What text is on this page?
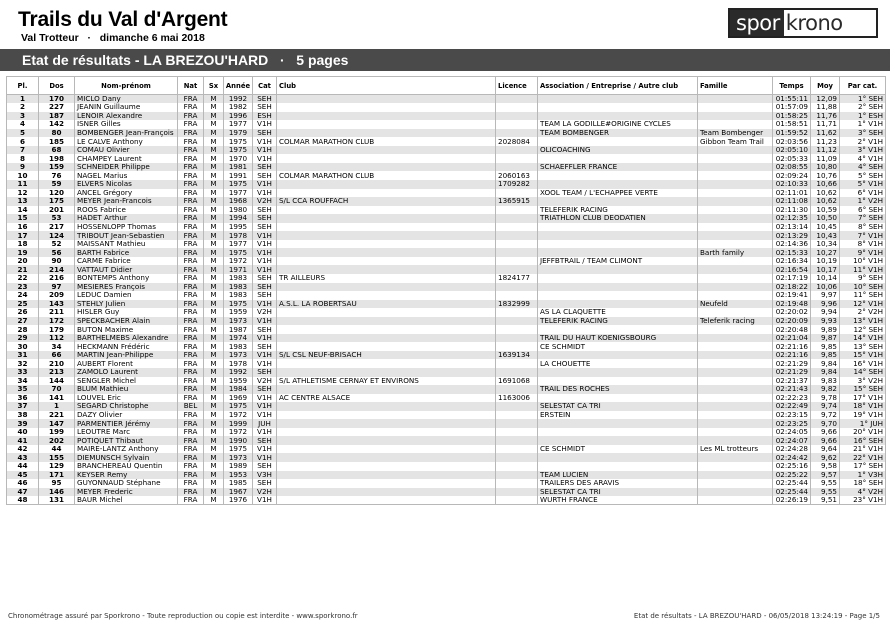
Trails du Val d'Argent
Val Trotteur   ·   dimanche 6 mai 2018
spor krono
Etat de résultats - LA BREZOU'HARD   ·   5 pages
Pl.	Dos	Nom-prénom	Nat	Sx	Année	Cat	Club	Licence	Association / Entreprise / Autre club	Famille	Temps	Moy	Par cat.
1	170	MICLO Dany	FRA	M	1992	SEH					01:55:11	12,09	1° SEH
2	227	JEANIN Guillaume	FRA	M	1982	SEH					01:57:09	11,88	2° SEH
3	187	LENOIR Alexandre	FRA	M	1996	ESH					01:58:25	11,76	1° ESH
4	142	ISNER Gilles	FRA	M	1977	V1H			TEAM LA GODILLE#ORIGINE CYCLES		01:58:51	11,71	1° V1H
5	80	BOMBENGER Jean-François	FRA	M	1979	SEH			TEAM BOMBENGER	Team Bombenger	01:59:52	11,62	3° SEH
6	185	LE CALVE Anthony	FRA	M	1975	V1H	COLMAR MARATHON CLUB	2028084		Gibbon Team Trail	02:03:56	11,23	2° V1H
7	68	COMAU Olivier	FRA	M	1975	V1H			OLICOACHING		02:05:10	11,12	3° V1H
8	198	CHAMPEY Laurent	FRA	M	1970	V1H					02:05:33	11,09	4° V1H
9	159	SCHNEIDER Philippe	FRA	M	1981	SEH			SCHAEFFLER FRANCE		02:08:55	10,80	4° SEH
10	76	NAGEL Marius	FRA	M	1991	SEH	COLMAR MARATHON CLUB	2060163			02:09:24	10,76	5° SEH
11	59	ELVERS Nicolas	FRA	M	1975	V1H		1709282			02:10:33	10,66	5° V1H
12	120	ANCEL Grégory	FRA	M	1977	V1H			XOOL TEAM / L'ECHAPPEE VERTE		02:11:01	10,62	6° V1H
13	175	MEYER Jean-Francois	FRA	M	1968	V2H	S/L CCA ROUFFACH	1365915			02:11:08	10,62	1° V2H
14	201	ROOS Fabrice	FRA	M	1980	SEH			TELEFERIK RACING		02:11:30	10,59	6° SEH
15	53	HADET Arthur	FRA	M	1994	SEH			TRIATHLON CLUB DEODATIEN		02:12:35	10,50	7° SEH
16	217	HOSSENLOPP Thomas	FRA	M	1995	SEH					02:13:14	10,45	8° SEH
17	124	TRIBOUT Jean-Sebastien	FRA	M	1978	V1H					02:13:29	10,43	7° V1H
18	52	MAISSANT Mathieu	FRA	M	1977	V1H					02:14:36	10,34	8° V1H
19	56	BARTH Fabrice	FRA	M	1975	V1H				Barth family	02:15:33	10,27	9° V1H
20	90	CARME Fabrice	FRA	M	1972	V1H			JEFFBTRAIL / TEAM CLIMONT		02:16:34	10,19	10° V1H
21	214	VATTAUT Didier	FRA	M	1971	V1H					02:16:54	10,17	11° V1H
22	216	BONTEMPS Anthony	FRA	M	1983	SEH	TR AILLEURS	1824177			02:17:19	10,14	9° SEH
23	97	MESIERES François	FRA	M	1983	SEH					02:18:22	10,06	10° SEH
24	209	LEDUC Damien	FRA	M	1983	SEH					02:19:41	9,97	11° SEH
25	143	STEHLY Julien	FRA	M	1975	V1H	A.S.L. LA ROBERTSAU	1832999		Neufeld	02:19:48	9,96	12° V1H
26	211	HISLER Guy	FRA	M	1959	V2H			AS LA CLAQUETTE		02:20:02	9,94	2° V2H
27	172	SPECKBACHER Alain	FRA	M	1973	V1H			TELEFERIK RACING	Teleferik racing	02:20:09	9,93	13° V1H
28	179	BUTON Maxime	FRA	M	1987	SEH					02:20:48	9,89	12° SEH
29	112	BARTHELMEBS Alexandre	FRA	M	1974	V1H			TRAIL DU HAUT KOENIGSBOURG		02:21:04	9,87	14° V1H
30	34	HECKMANN Frédéric	FRA	M	1983	SEH			CE SCHMIDT		02:21:16	9,85	13° SEH
31	66	MARTIN Jean-Philippe	FRA	M	1973	V1H	S/L CSL NEUF-BRISACH	1639134			02:21:16	9,85	15° V1H
32	210	AUBERT Florent	FRA	M	1978	V1H			LA CHOUETTE		02:21:29	9,84	16° V1H
33	213	ZAMOLO Laurent	FRA	M	1992	SEH					02:21:29	9,84	14° SEH
34	144	SENGLER Michel	FRA	M	1959	V2H	S/L ATHLETISME CERNAY ET ENVIRONS	1691068			02:21:37	9,83	3° V2H
35	70	BLUM Mathieu	FRA	M	1984	SEH			TRAIL DES ROCHES		02:21:43	9,82	15° SEH
36	141	LOUVEL Eric	FRA	M	1969	V1H	AC CENTRE ALSACE	1163006			02:22:23	9,78	17° V1H
37	1	SEGARD Christophe	BEL	M	1975	V1H			SELESTAT CA TRI		02:22:49	9,74	18° V1H
38	221	DAZY Olivier	FRA	M	1972	V1H			ERSTEIN		02:23:15	9,72	19° V1H
39	147	PARMENTIER Jérémy	FRA	M	1999	JUH					02:23:25	9,70	1° JUH
40	199	LEOUTRE Marc	FRA	M	1972	V1H					02:24:05	9,66	20° V1H
41	202	POTIQUET Thibaut	FRA	M	1990	SEH					02:24:07	9,66	16° SEH
42	44	MAIRE-LANTZ Anthony	FRA	M	1975	V1H			CE SCHMIDT	Les ML trotteurs	02:24:28	9,64	21° V1H
43	155	DIEMUNSCH Sylvain	FRA	M	1973	V1H					02:24:42	9,62	22° V1H
44	129	BRANCHEREAU Quentin	FRA	M	1989	SEH					02:25:16	9,58	17° SEH
45	171	KEYSER Remy	FRA	M	1953	V3H			TEAM LUCIEN		02:25:22	9,57	1° V3H
46	95	GUYONNAUD Stéphane	FRA	M	1985	SEH			TRAILERS DES ARAVIS		02:25:44	9,55	18° SEH
47	146	MEYER Frederic	FRA	M	1967	V2H			SELESTAT CA TRI		02:25:44	9,55	4° V2H
48	131	BAUR Michel	FRA	M	1976	V1H			WURTH FRANCE		02:26:19	9,51	23° V1H
Chronométrage assuré par Sporkrono - Toute reproduction ou copie est interdite - www.sporkrono.fr	Etat de résultats - LA BREZOU'HARD - 06/05/2018 13:24:19 - Page 1/5
